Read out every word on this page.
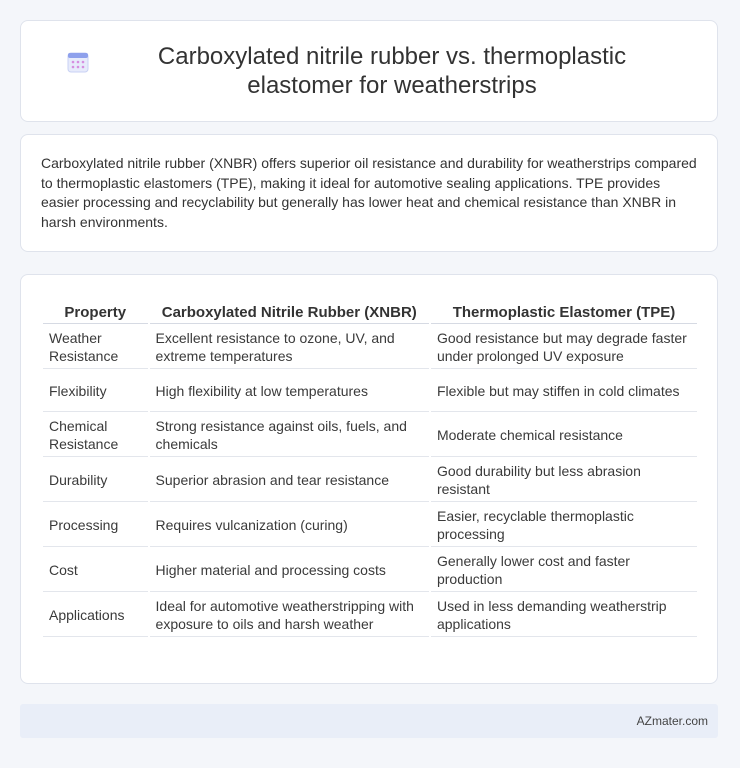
Carboxylated nitrile rubber vs. thermoplastic elastomer for weatherstrips

Carboxylated nitrile rubber (XNBR) offers superior oil resistance and durability for weatherstrips compared to thermoplastic elastomers (TPE), making it ideal for automotive sealing applications. TPE provides easier processing and recyclability but generally has lower heat and chemical resistance than XNBR in harsh environments.

Property	Carboxylated Nitrile Rubber (XNBR)	Thermoplastic Elastomer (TPE)
Weather Resistance	Excellent resistance to ozone, UV, and extreme temperatures	Good resistance but may degrade faster under prolonged UV exposure
Flexibility	High flexibility at low temperatures	Flexible but may stiffen in cold climates
Chemical Resistance	Strong resistance against oils, fuels, and chemicals	Moderate chemical resistance
Durability	Superior abrasion and tear resistance	Good durability but less abrasion resistant
Processing	Requires vulcanization (curing)	Easier, recyclable thermoplastic processing
Cost	Higher material and processing costs	Generally lower cost and faster production
Applications	Ideal for automotive weatherstripping with exposure to oils and harsh weather	Used in less demanding weatherstrip applications
AZmater.com
